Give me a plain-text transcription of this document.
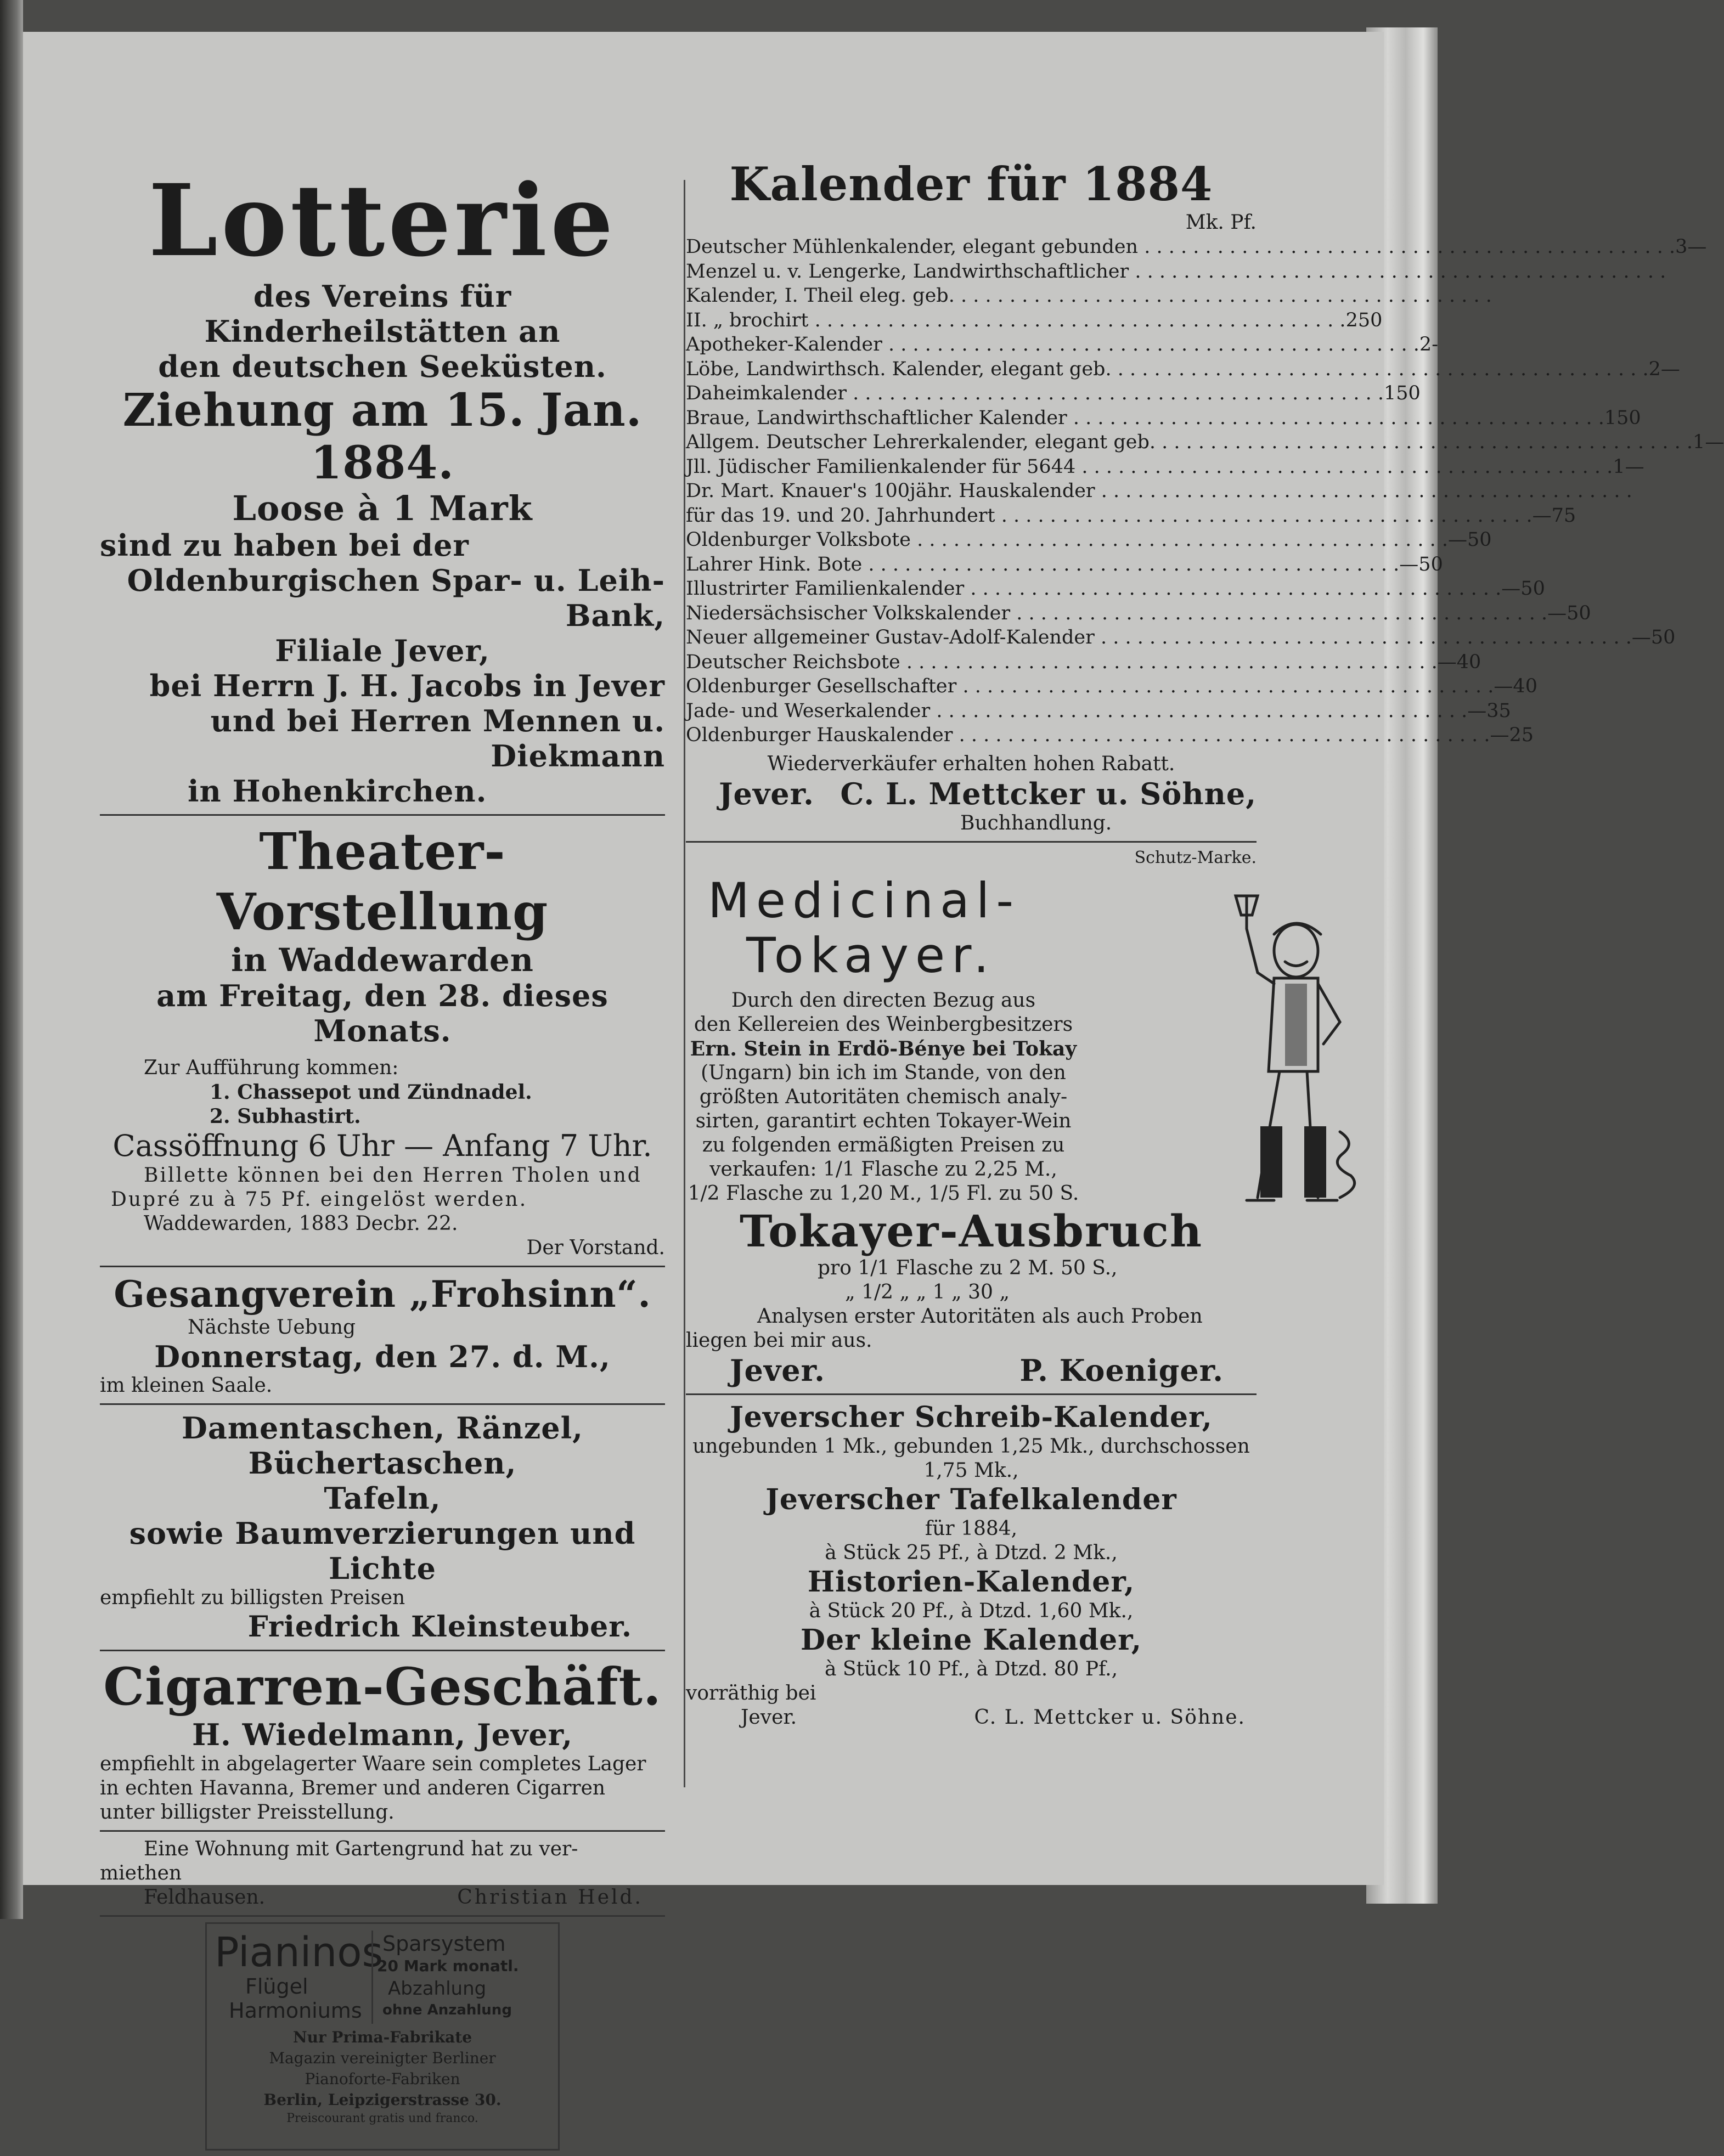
Lotterie
des Vereins für Kinderheilstätten an
den deutschen Seeküsten.
Ziehung am 15. Jan. 1884.
Loose à 1 Mark
sind zu haben bei der
Oldenburgischen Spar- u. Leih-Bank,
Filiale Jever,
bei Herrn J. H. Jacobs in Jever
und bei Herren Mennen u. Diekmann
in Hohenkirchen.
Theater-Vorstellung
in Waddewarden
am Freitag, den 28. dieses Monats.
Zur Aufführung kommen:
1. Chassepot und Zündnadel.
2. Subhastirt.
Cassöffnung 6 Uhr — Anfang 7 Uhr.
Billette können bei den Herren Tholen und
Dupré zu à 75 Pf. eingelöst werden.
Waddewarden, 1883 Decbr. 22.
Der Vorstand.
Gesangverein „Frohsinn“.
Nächste Uebung
Donnerstag, den 27. d. M.,
im kleinen Saale.
Damentaschen, Ränzel, Büchertaschen,
Tafeln,
sowie Baumverzierungen und Lichte
empfiehlt zu billigsten Preisen
Friedrich Kleinsteuber.
Cigarren-Geschäft.
H. Wiedelmann, Jever,
empfiehlt in abgelagerter Waare sein completes Lager
in echten Havanna, Bremer und anderen Cigarren
unter billigster Preisstellung.
Eine Wohnung mit Gartengrund hat zu ver-
miethen
Feldhausen.	Christian Held.
Pianinos
Flügel
Harmoniums
Sparsystem
20 Mark monatl.
Abzahlung
ohne Anzahlung
Nur Prima-Fabrikate
Magazin vereinigter Berliner
Pianoforte-Fabriken
Berlin, Leipzigerstrasse 30.
Preiscourant gratis und franco.
Kalender für 1884
Mk. Pf.
Deutscher Mühlenkalender, elegant gebunden . . .	3 —
Menzel u. v. Lengerke, Landwirthschaftlicher . . .
Kalender, I. Theil eleg. geb. . . .
II. „ brochirt . . .	2 50
Apotheker-Kalender . . .	2 -
Löbe, Landwirthsch. Kalender, elegant geb. . . .	2 —
Daheimkalender . . .	1 50
Braue, Landwirthschaftlicher Kalender . . .	1 50
Allgem. Deutscher Lehrerkalender, elegant geb. . . .	1 —
Jll. Jüdischer Familienkalender für 5644 . . .	1 —
Dr. Mart. Knauer's 100jähr. Hauskalender . . .
für das 19. und 20. Jahrhundert . . .	— 75
Oldenburger Volksbote . . .	— 50
Lahrer Hink. Bote . . .	— 50
Illustrirter Familienkalender . . .	— 50
Niedersächsischer Volkskalender . . .	— 50
Neuer allgemeiner Gustav-Adolf-Kalender . . .	— 50
Deutscher Reichsbote . . .	— 40
Oldenburger Gesellschafter . . .	— 40
Jade- und Weserkalender . . .	— 35
Oldenburger Hauskalender . . .	— 25
Wiederverkäufer erhalten hohen Rabatt.
Jever. C. L. Mettcker u. Söhne,
Buchhandlung.
Schutz-Marke.
Medicinal-
Tokayer.
Durch den directen Bezug aus
den Kellereien des Weinbergbesitzers
Ern. Stein in Erdö-Bénye bei Tokay
(Ungarn) bin ich im Stande, von den
größten Autoritäten chemisch analy-
sirten, garantirt echten Tokayer-Wein
zu folgenden ermäßigten Preisen zu
verkaufen: 1/1 Flasche zu 2,25 M.,
1/2 Flasche zu 1,20 M., 1/5 Fl. zu 50 S.
Tokayer-Ausbruch
pro 1/1 Flasche zu 2 M. 50 S.,
„ 1/2 „ „ 1 „ 30 „
Analysen erster Autoritäten als auch Proben
liegen bei mir aus.
Jever.	P. Koeniger.
Jeverscher Schreib-Kalender,
ungebunden 1 Mk., gebunden 1,25 Mk., durchschossen
1,75 Mk.,
Jeverscher Tafelkalender
für 1884,
à Stück 25 Pf., à Dtzd. 2 Mk.,
Historien-Kalender,
à Stück 20 Pf., à Dtzd. 1,60 Mk.,
Der kleine Kalender,
à Stück 10 Pf., à Dtzd. 80 Pf.,
vorräthig bei
Jever.	C. L. Mettcker u. Söhne.
